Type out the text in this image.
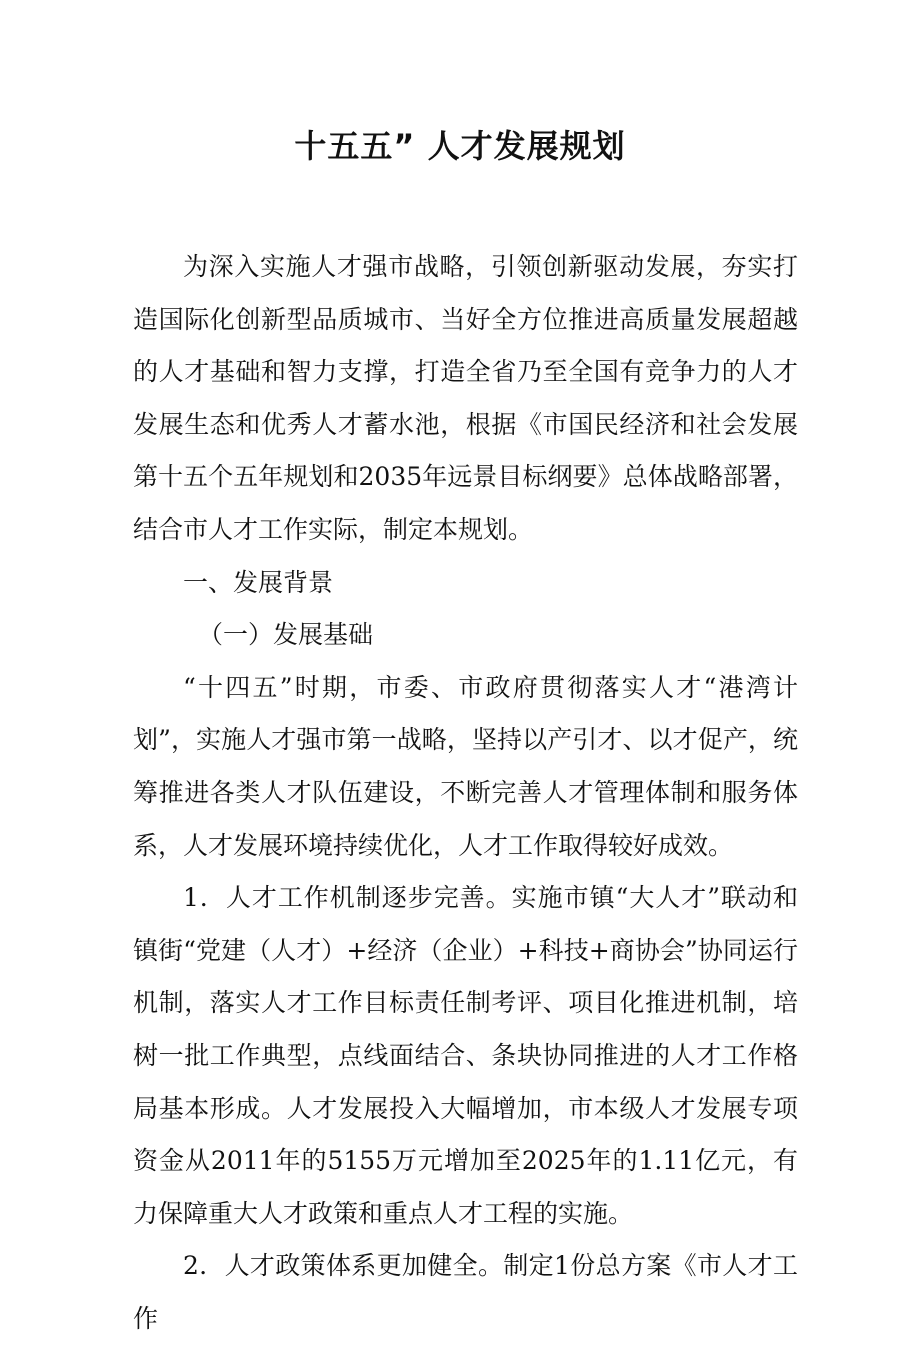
十五五” 人才发展规划

为深入实施人才强市战略，引领创新驱动发展，夯实打造国际化创新型品质城市、当好全方位推进高质量发展超越的人才基础和智力支撑，打造全省乃至全国有竞争力的人才发展生态和优秀人才蓄水池，根据《市国民经济和社会发展第十五个五年规划和2035年远景目标纲要》总体战略部署，结合市人才工作实际，制定本规划。

一、发展背景

（一）发展基础

“十四五”时期，市委、市政府贯彻落实人才“港湾计划”，实施人才强市第一战略，坚持以产引才、以才促产，统筹推进各类人才队伍建设，不断完善人才管理体制和服务体系，人才发展环境持续优化，人才工作取得较好成效。

1．人才工作机制逐步完善。实施市镇“大人才”联动和镇街“党建（人才）+经济（企业）+科技+商协会”协同运行机制，落实人才工作目标责任制考评、项目化推进机制，培树一批工作典型，点线面结合、条块协同推进的人才工作格局基本形成。人才发展投入大幅增加，市本级人才发展专项资金从2011年的5155万元增加至2025年的1.11亿元，有力保障重大人才政策和重点人才工程的实施。

2．人才政策体系更加健全。制定1份总方案《市人才工作
